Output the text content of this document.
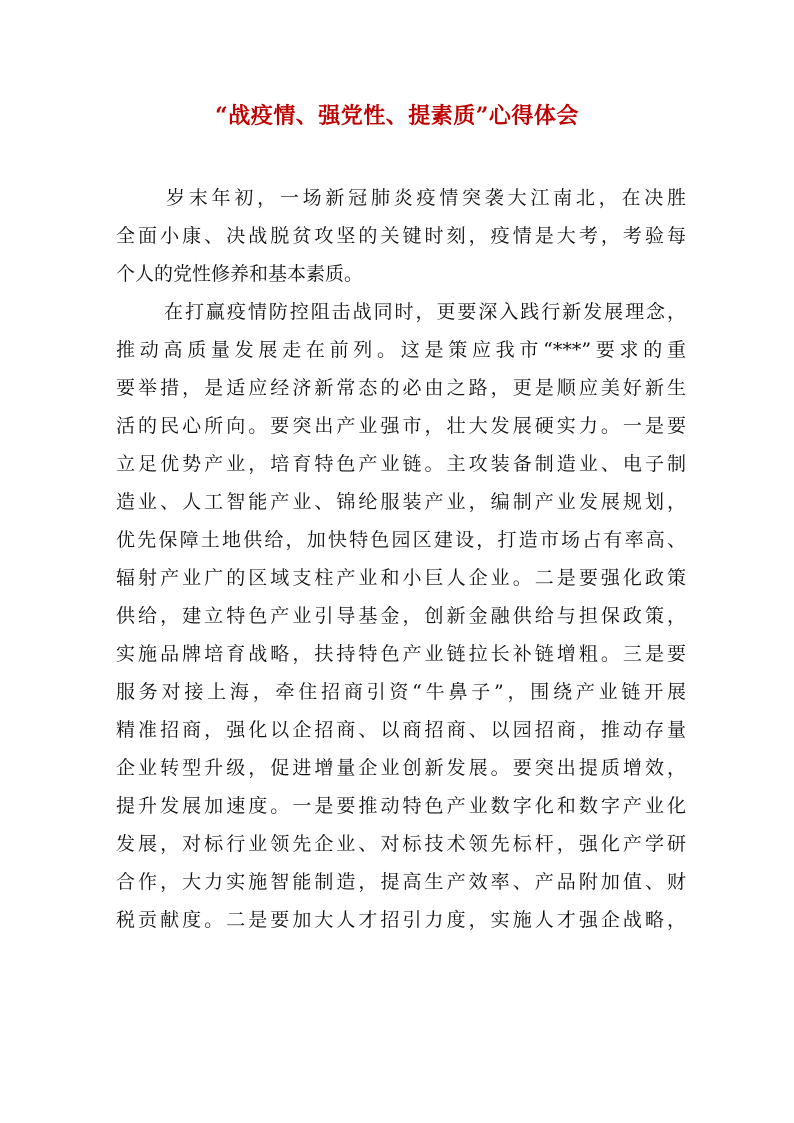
“战疫情、强党性、提素质”心得体会
岁末年初，一场新冠肺炎疫情突袭大江南北，在决胜
全面小康、决战脱贫攻坚的关键时刻，疫情是大考，考验每
个人的党性修养和基本素质。
在打赢疫情防控阻击战同时，更要深入践行新发展理念，
推动高质量发展走在前列。这是策应我市“***”要求的重
要举措，是适应经济新常态的必由之路，更是顺应美好新生
活的民心所向。要突出产业强市，壮大发展硬实力。一是要
立足优势产业，培育特色产业链。主攻装备制造业、电子制
造业、人工智能产业、锦纶服装产业，编制产业发展规划，
优先保障土地供给，加快特色园区建设，打造市场占有率高、
辐射产业广的区域支柱产业和小巨人企业。二是要强化政策
供给，建立特色产业引导基金，创新金融供给与担保政策，
实施品牌培育战略，扶持特色产业链拉长补链增粗。三是要
服务对接上海，牵住招商引资“牛鼻子”，围绕产业链开展
精准招商，强化以企招商、以商招商、以园招商，推动存量
企业转型升级，促进增量企业创新发展。要突出提质增效，
提升发展加速度。一是要推动特色产业数字化和数字产业化
发展，对标行业领先企业、对标技术领先标杆，强化产学研
合作，大力实施智能制造，提高生产效率、产品附加值、财
税贡献度。二是要加大人才招引力度，实施人才强企战略，
